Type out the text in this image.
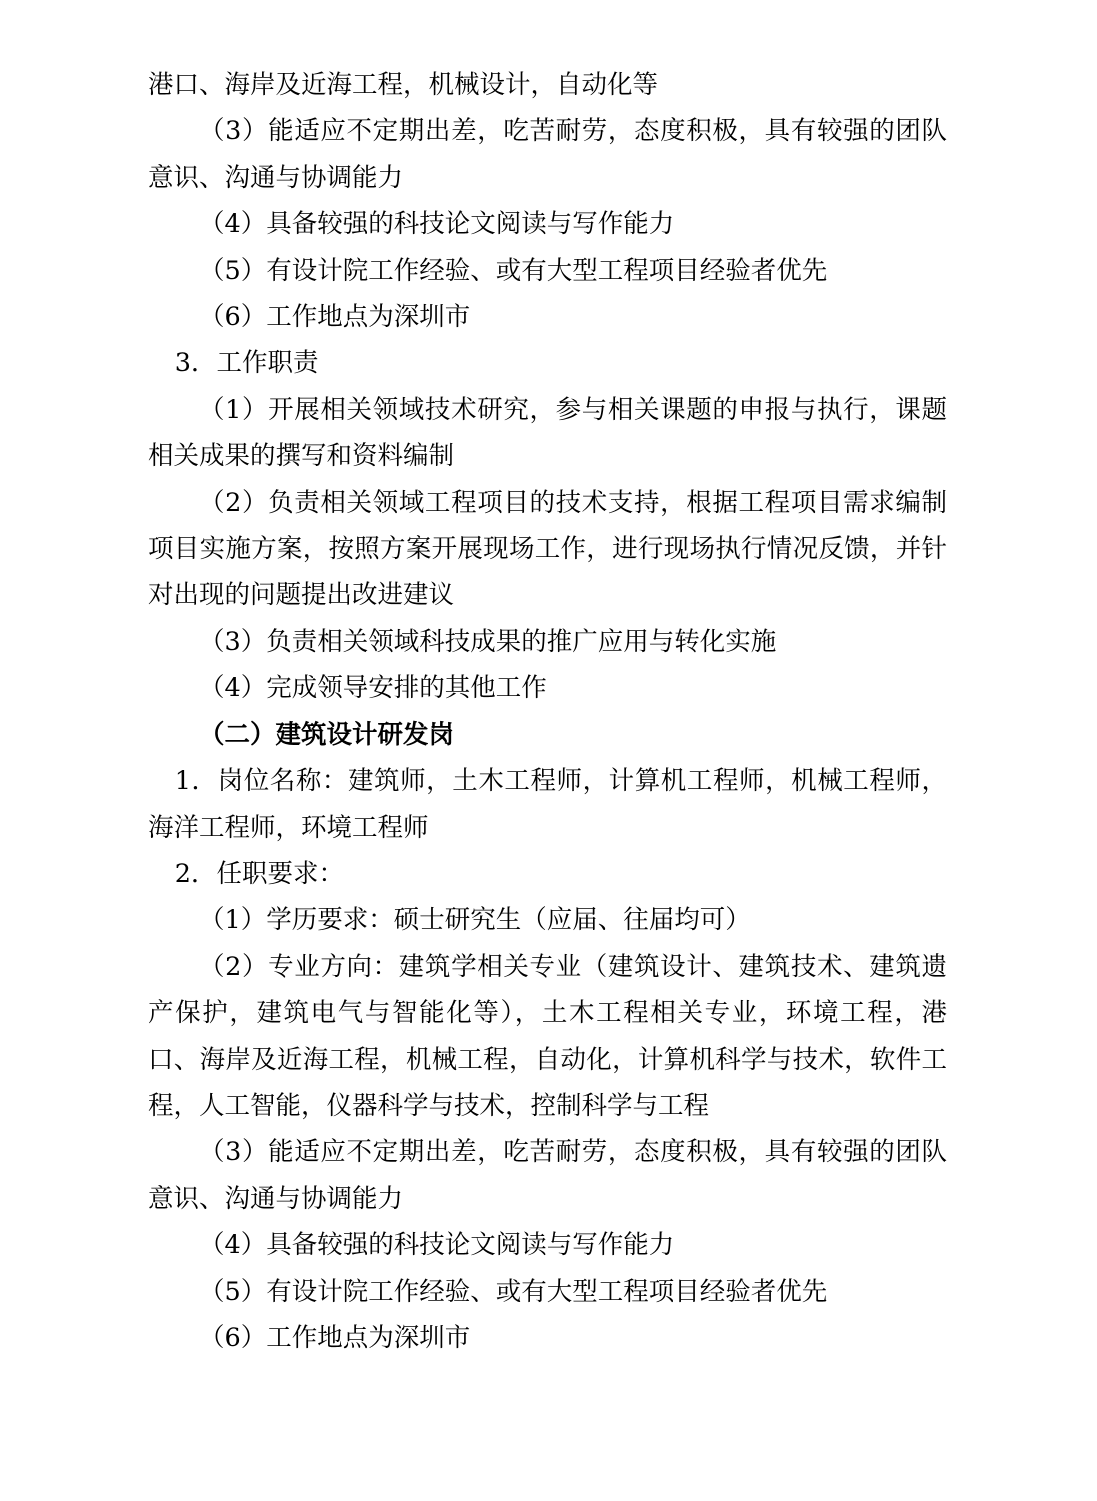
港口、海岸及近海工程，机械设计，自动化等

（3）能适应不定期出差，吃苦耐劳，态度积极，具有较强的团队意识、沟通与协调能力

（4）具备较强的科技论文阅读与写作能力

（5）有设计院工作经验、或有大型工程项目经验者优先

（6）工作地点为深圳市

3．工作职责

（1）开展相关领域技术研究，参与相关课题的申报与执行，课题相关成果的撰写和资料编制

（2）负责相关领域工程项目的技术支持，根据工程项目需求编制项目实施方案，按照方案开展现场工作，进行现场执行情况反馈，并针对出现的问题提出改进建议

（3）负责相关领域科技成果的推广应用与转化实施

（4）完成领导安排的其他工作

（二）建筑设计研发岗

1．岗位名称：建筑师，土木工程师，计算机工程师，机械工程师，海洋工程师，环境工程师

2．任职要求：

（1）学历要求：硕士研究生（应届、往届均可）

（2）专业方向：建筑学相关专业（建筑设计、建筑技术、建筑遗产保护，建筑电气与智能化等），土木工程相关专业，环境工程，港口、海岸及近海工程，机械工程，自动化，计算机科学与技术，软件工程，人工智能，仪器科学与技术，控制科学与工程

（3）能适应不定期出差，吃苦耐劳，态度积极，具有较强的团队意识、沟通与协调能力

（4）具备较强的科技论文阅读与写作能力

（5）有设计院工作经验、或有大型工程项目经验者优先

（6）工作地点为深圳市
